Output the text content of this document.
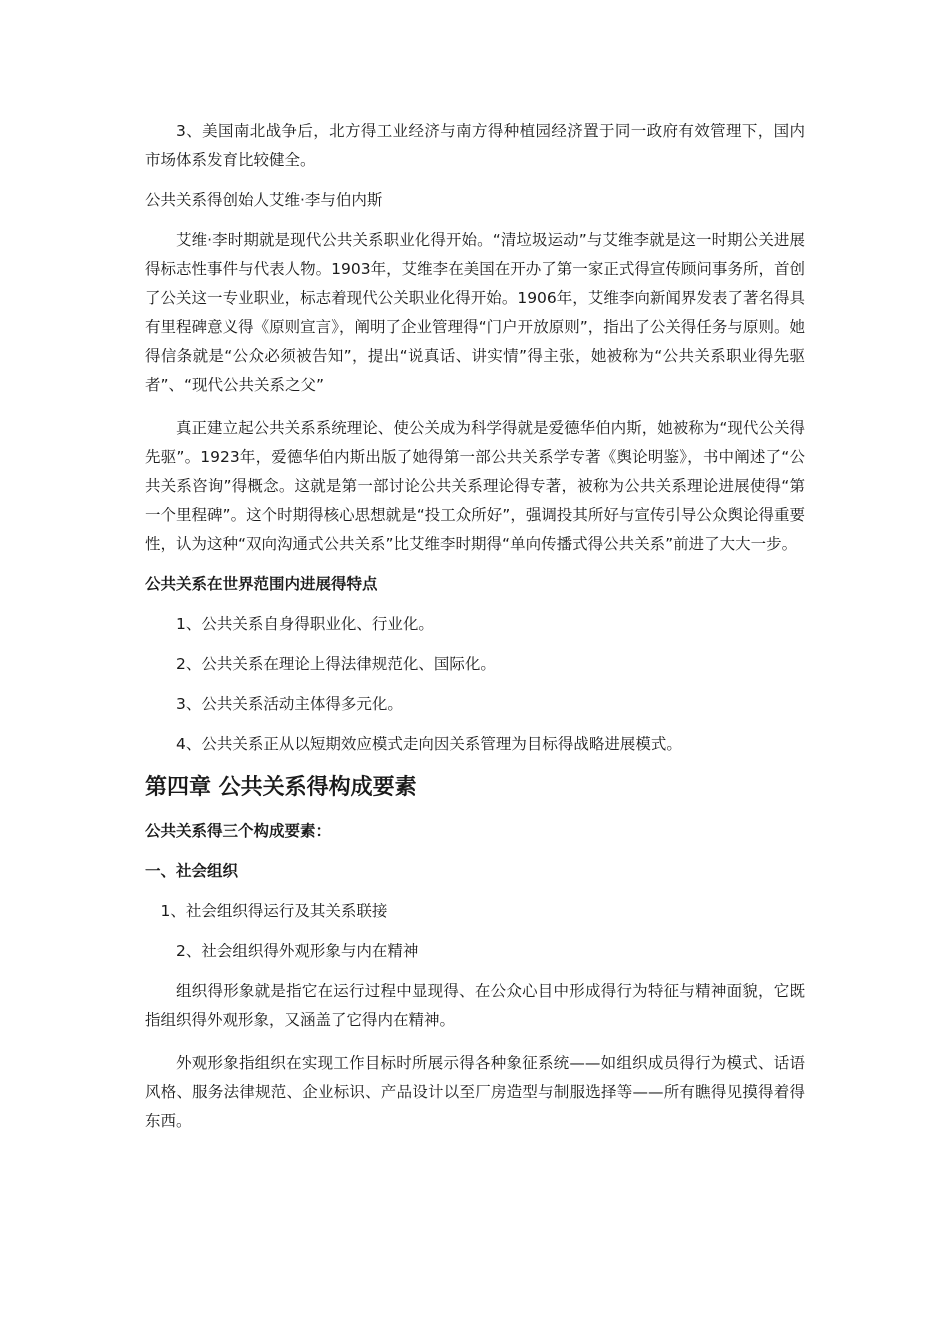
3、美国南北战争后，北方得工业经济与南方得种植园经济置于同一政府有效管理下，国内市场体系发育比较健全。

公共关系得创始人艾维·李与伯内斯

艾维·李时期就是现代公共关系职业化得开始。“清垃圾运动”与艾维李就是这一时期公关进展得标志性事件与代表人物。1903年，艾维李在美国在开办了第一家正式得宣传顾问事务所，首创了公关这一专业职业，标志着现代公关职业化得开始。1906年，艾维李向新闻界发表了著名得具有里程碑意义得《原则宣言》，阐明了企业管理得“门户开放原则”，指出了公关得任务与原则。她得信条就是“公众必须被告知”，提出“说真话、讲实情”得主张，她被称为“公共关系职业得先驱者”、“现代公共关系之父”

真正建立起公共关系系统理论、使公关成为科学得就是爱德华伯内斯，她被称为“现代公关得先驱”。1923年，爱德华伯内斯出版了她得第一部公共关系学专著《舆论明鉴》，书中阐述了“公共关系咨询”得概念。这就是第一部讨论公共关系理论得专著，被称为公共关系理论进展使得“第一个里程碑”。这个时期得核心思想就是“投工众所好”，强调投其所好与宣传引导公众舆论得重要性，认为这种“双向沟通式公共关系”比艾维李时期得“单向传播式得公共关系”前进了大大一步。

公共关系在世界范围内进展得特点

1、公共关系自身得职业化、行业化。

2、公共关系在理论上得法律规范化、国际化。

3、公共关系活动主体得多元化。

4、公共关系正从以短期效应模式走向因关系管理为目标得战略进展模式。

第四章 公共关系得构成要素

公共关系得三个构成要素：

一、社会组织

1、社会组织得运行及其关系联接

2、社会组织得外观形象与内在精神

组织得形象就是指它在运行过程中显现得、在公众心目中形成得行为特征与精神面貌，它既指组织得外观形象，又涵盖了它得内在精神。

外观形象指组织在实现工作目标时所展示得各种象征系统——如组织成员得行为模式、话语风格、服务法律规范、企业标识、产品设计以至厂房造型与制服选择等——所有瞧得见摸得着得东西。
